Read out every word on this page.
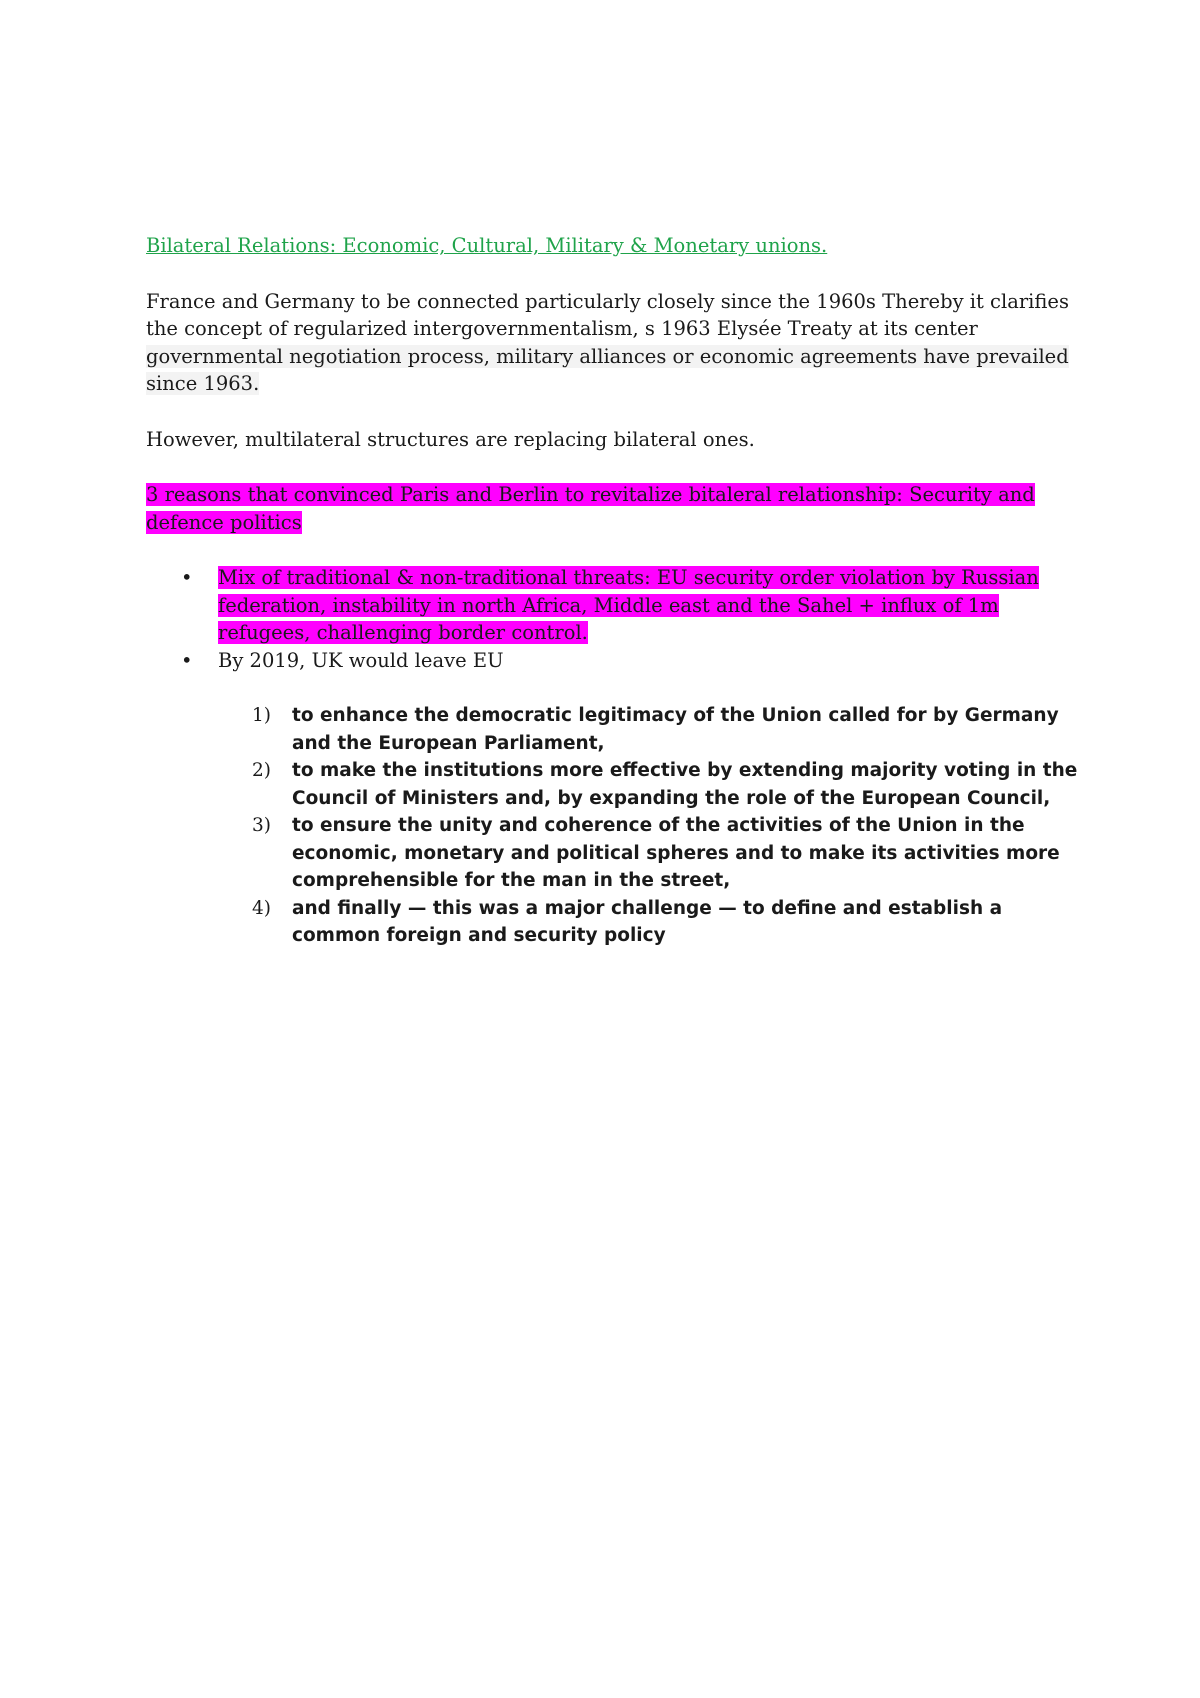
Bilateral Relations: Economic, Cultural, Military & Monetary unions.
France and Germany to be connected particularly closely since the 1960s Thereby it clarifies the concept of regularized intergovernmentalism, s 1963 Elysée Treaty at its center governmental negotiation process, military alliances or economic agreements have prevailed since 1963.
However, multilateral structures are replacing bilateral ones.
3 reasons that convinced Paris and Berlin to revitalize bitaleral relationship: Security and defence politics
• Mix of traditional & non-traditional threats: EU security order violation by Russian federation, instability in north Africa, Middle east and the Sahel + influx of 1m refugees, challenging border control.
• By 2019, UK would leave EU
1) to enhance the democratic legitimacy of the Union called for by Germany and the European Parliament,
2) to make the institutions more effective by extending majority voting in the Council of Ministers and, by expanding the role of the European Council,
3) to ensure the unity and coherence of the activities of the Union in the economic, monetary and political spheres and to make its activities more comprehensible for the man in the street,
4) and finally — this was a major challenge — to define and establish a common foreign and security policy
